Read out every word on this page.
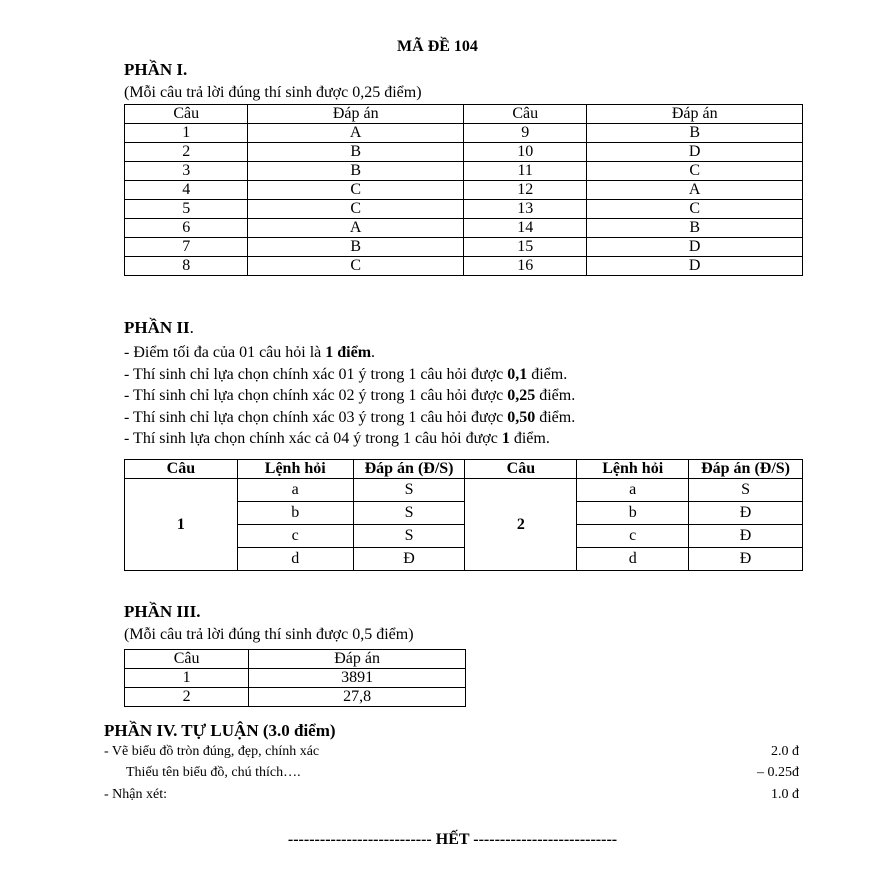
MÃ ĐỀ 104
PHẦN I.
(Mỗi câu trả lời đúng thí sinh được 0,25 điểm)
Câu	Đáp án	Câu	Đáp án
1	A	9	B
2	B	10	D
3	B	11	C
4	C	12	A
5	C	13	C
6	A	14	B
7	B	15	D
8	C	16	D
PHẦN II.
- Điểm tối đa của 01 câu hỏi là 1 điểm.
- Thí sinh chỉ lựa chọn chính xác 01 ý trong 1 câu hỏi được 0,1 điểm.
- Thí sinh chỉ lựa chọn chính xác 02 ý trong 1 câu hỏi được 0,25 điểm.
- Thí sinh chỉ lựa chọn chính xác 03 ý trong 1 câu hỏi được 0,50 điểm.
- Thí sinh lựa chọn chính xác cả 04 ý trong 1 câu hỏi được 1 điểm.
Câu	Lệnh hỏi	Đáp án (Đ/S)	Câu	Lệnh hỏi	Đáp án (Đ/S)
1	a	S	2	a	S
	b	S		b	Đ
	c	S		c	Đ
	d	Đ		d	Đ
PHẦN III.
(Mỗi câu trả lời đúng thí sinh được 0,5 điểm)
Câu	Đáp án
1	3891
2	27,8
PHẦN IV. TỰ LUẬN (3.0 điểm)
- Vẽ biểu đồ tròn đúng, đẹp, chính xác	2.0 đ
Thiếu tên biểu đồ, chú thích….	– 0.25đ
- Nhận xét:	1.0 đ
--------------------------- HẾT ---------------------------
